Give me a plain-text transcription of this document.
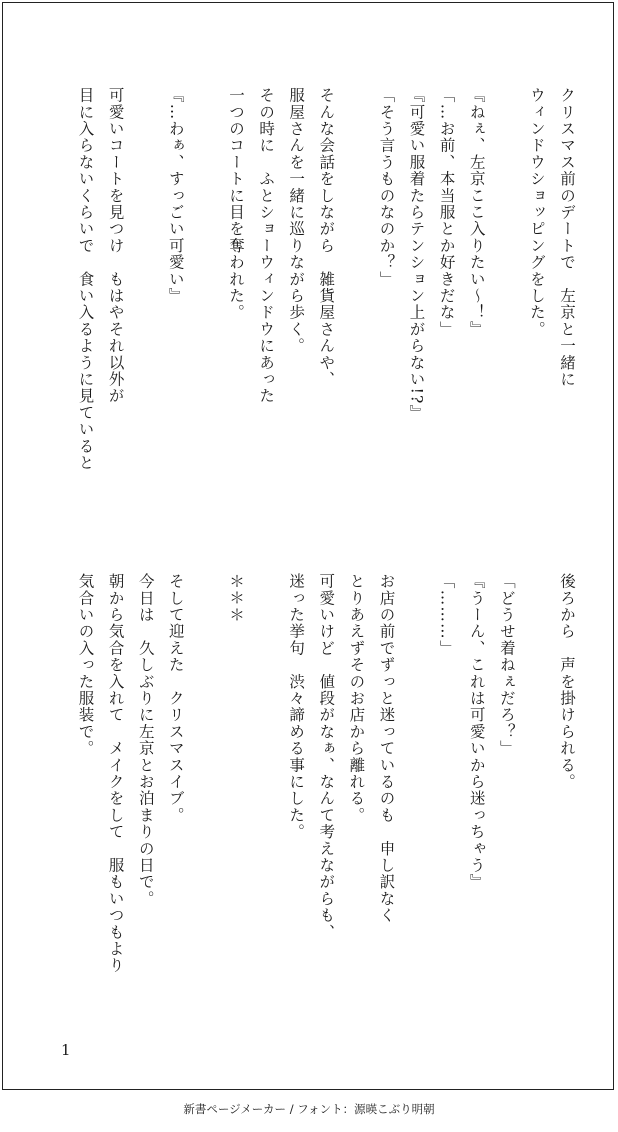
クリスマス前のデートで　左京と一緒に
ウィンドウショッピングをした。
『ねぇ、左京ここ入りたい〜！』
「…お前、本当服とか好きだな」
『可愛い服着たらテンション上がらない!?』
「そう言うものなのか？」
そんな会話をしながら　雑貨屋さんや、
服屋さんを一緒に巡りながら歩く。
その時に　ふとショーウィンドウにあった
一つのコートに目を奪われた。
『…わぁ、すっごい可愛い』
可愛いコートを見つけ　もはやそれ以外が
目に入らないくらいで　食い入るように見ていると
後ろから　声を掛けられる。
「どうせ着ねぇだろ？」
『うーん、これは可愛いから迷っちゃう』
「………」
お店の前でずっと迷っているのも　申し訳なく
とりあえずそのお店から離れる。
可愛いけど　値段がなぁ、なんて考えながらも、
迷った挙句　渋々諦める事にした。
＊＊＊
そして迎えた　クリスマスイブ。
今日は　久しぶりに左京とお泊まりの日で。
朝から気合を入れて　メイクをして　服もいつもより
気合いの入った服装で。
1
新書ページメーカー / フォント：源暎こぶり明朝
